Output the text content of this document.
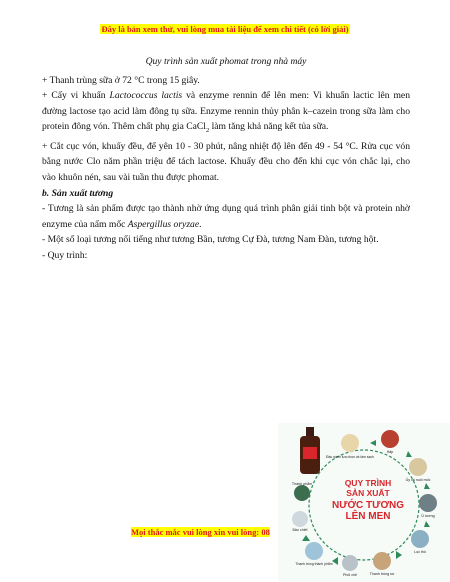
Đây là bản xem thử, vui lòng mua tài liệu để xem chi tiết (có lời giải)

Quy trình sản xuất phomat trong nhà máy

+ Thanh trùng sữa ở 72 °C trong 15 giây.

+ Cấy vi khuẩn Lactococcus lactis và enzyme rennin để lên men: Vi khuẩn lactic lên men đường lactose tạo acid làm đông tụ sữa. Enzyme rennin thủy phân k–cazein trong sữa làm cho protein đông vón. Thêm chất phụ gia CaCl$_2$ làm tăng khả năng kết tủa sữa.

+ Cắt cục vón, khuấy đều, để yên 10 - 30 phút, nâng nhiệt độ lên đến 49 - 54 °C. Rửa cục vón bằng nước Clo năm phần triệu để tách lactose. Khuấy đều cho đến khi cục vón chắc lại, cho vào khuôn nén, sau vài tuần thu được phomat.

b. Sản xuất tương

- Tương là sản phẩm được tạo thành nhờ ứng dụng quá trình phân giải tinh bột và protein nhờ enzyme của nấm mốc Aspergillus oryzae.

- Một số loại tương nổi tiếng như tương Bần, tương Cự Đà, tương Nam Đàn, tương hột.

- Quy trình:

Mọi thắc mắc vui lòng xin vui lòng: 08
QUY TRÌNH
SẢN XUẤT
NƯỚC TƯƠNG
LÊN MEN
Đậu nành lựa chọn và làm sạch
Hấp
Ủy và nuôi mốc
Ủ tương
Lọc thô
Thanh trùng sơ
Phối chế
Thanh trùng thành phẩm
Bảo chiết
Thành phẩm
